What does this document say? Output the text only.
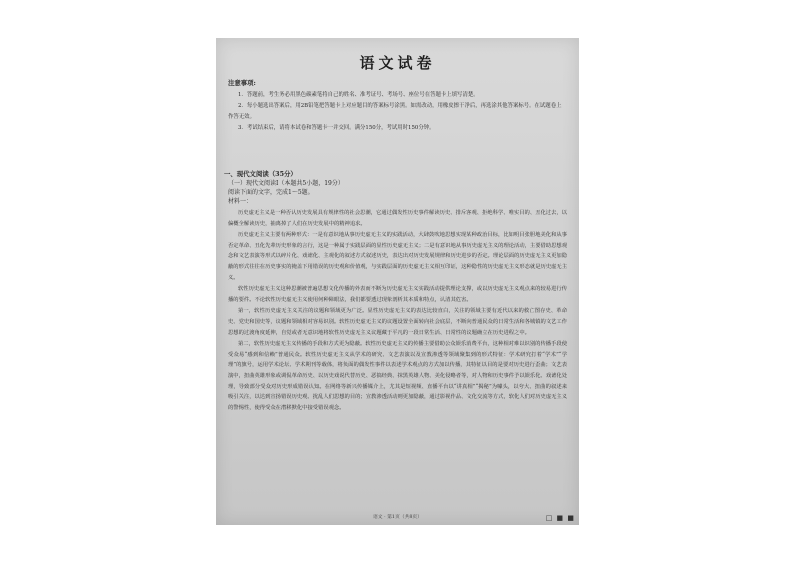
语文试卷
注意事项:

1．答题前，考生务必用黑色碳素笔将自己的姓名、准考证号、考场号、座位号在答题卡上填写清楚。

2．每小题选出答案后，用2B铅笔把答题卡上对应题目的答案标号涂黑。如需改动，用橡皮擦干净后，再选涂其他答案标号。在试题卷上作答无效。

3．考试结束后，请将本试卷和答题卡一并交回。满分150分，考试用时150分钟。

一、现代文阅读（35分）
（一）现代文阅读Ⅰ（本题共5小题，19分）
阅读下面的文字，完成1～5题。
材料一：

历史虚无主义是一种否认历史发展具有规律性的社会思潮，它通过偶发性历史事件解读历史、排斥客观、拒绝科学、唯实目的、丑化过去，以偏概全解读历史，抽离掉了人们在历史发展中的精神追求。

历史虚无主义主要有两种形式：一是有意识地从事历史虚无主义的实践活动，大肆鼓吹地思想实现某种政治目标，比如明目张胆地美化和从事否定革命、丑化先辈历史形象的言行，这是一种属于实践层面的显性历史虚无主义；二是有意识地从事历史虚无主义的理论活动，主要借助思想观念和文艺表演等形式以碎片化、戏谑化、主观化的叙述方式叙述历史，表达出对历史发展规律和历史进步的否定。理论层面的历史虚无主义更加隐蔽的形式往往在历史事实的掩盖下用错误的历史观和价值观，与实践层面的历史虚无主义相互印证，这种隐性的历史虚无主义形态就是历史虚无主义。

软性历史虚无主义这种思潮被普遍思想文化传播的外表而不断为历史虚无主义实践活动提供理论支撑，或以历史虚无主义观点来的较易进行传播的要件。不论软性历史虚无主义使用何种障眼法，我们都要透过现象剖析其本质和特点，认清其危害。

第一，软性历史虚无主义关注的议题和领域更为广泛。显性历史虚无主义的表达比较直白，关注的领域主要有近代以来的救亡图存史、革命史、党史和国史等，议题和领域相对容易识别。软性历史虚无主义的议题设置全面转向社会底层，不断向普通民众的日常生活和各城镇的文艺工作思想的过渡角度延伸，自觉或者无意识地将软性历史虚无主义议题藏于平凡的一段日常生活、日常性的议题确立在历史进程之中。

第二，软性历史虚无主义传播的手段和方式更为隐蔽。软性历史虚无主义的传播主要借助公众娱乐消费平台，这种相对难以识别的传播手段使受众易“感到和信赖”普通民众。软性历史虚无主义从学术的研究、文艺表演以及宣教渗透等领域聚集到的形式特征：学术研究打着“学术”“学理”的旗号，运用学术论坛、学术期刊等载体，将负面的偶发性事件以表述学术观点的方式加以传播，其特征以目的是要对历史进行歪曲；文艺表演中，扭曲英雄形象或调侃革命历史、以历史戏说代替历史、恶搞经典、抹黑英雄人物、美化侵略者等，对人物和历史事件予以娱乐化、戏谑化处理，导致部分受众对历史形成错误认知。在网络等新兴传播媒介上，尤其是短视频、直播平台以“讲真相”“揭秘”为噱头，以夸大、扭曲的叙述来吸引关注，以达到宣扬错误历史观、扰乱人们思想的目的；宣教渗透活动则更加隐蔽，通过影视作品、文化交流等方式，软化人们对历史虚无主义的警惕性，使得受众在潜移默化中接受错误观念。

语文 · 第1页（共8页）	□ ■ ■
